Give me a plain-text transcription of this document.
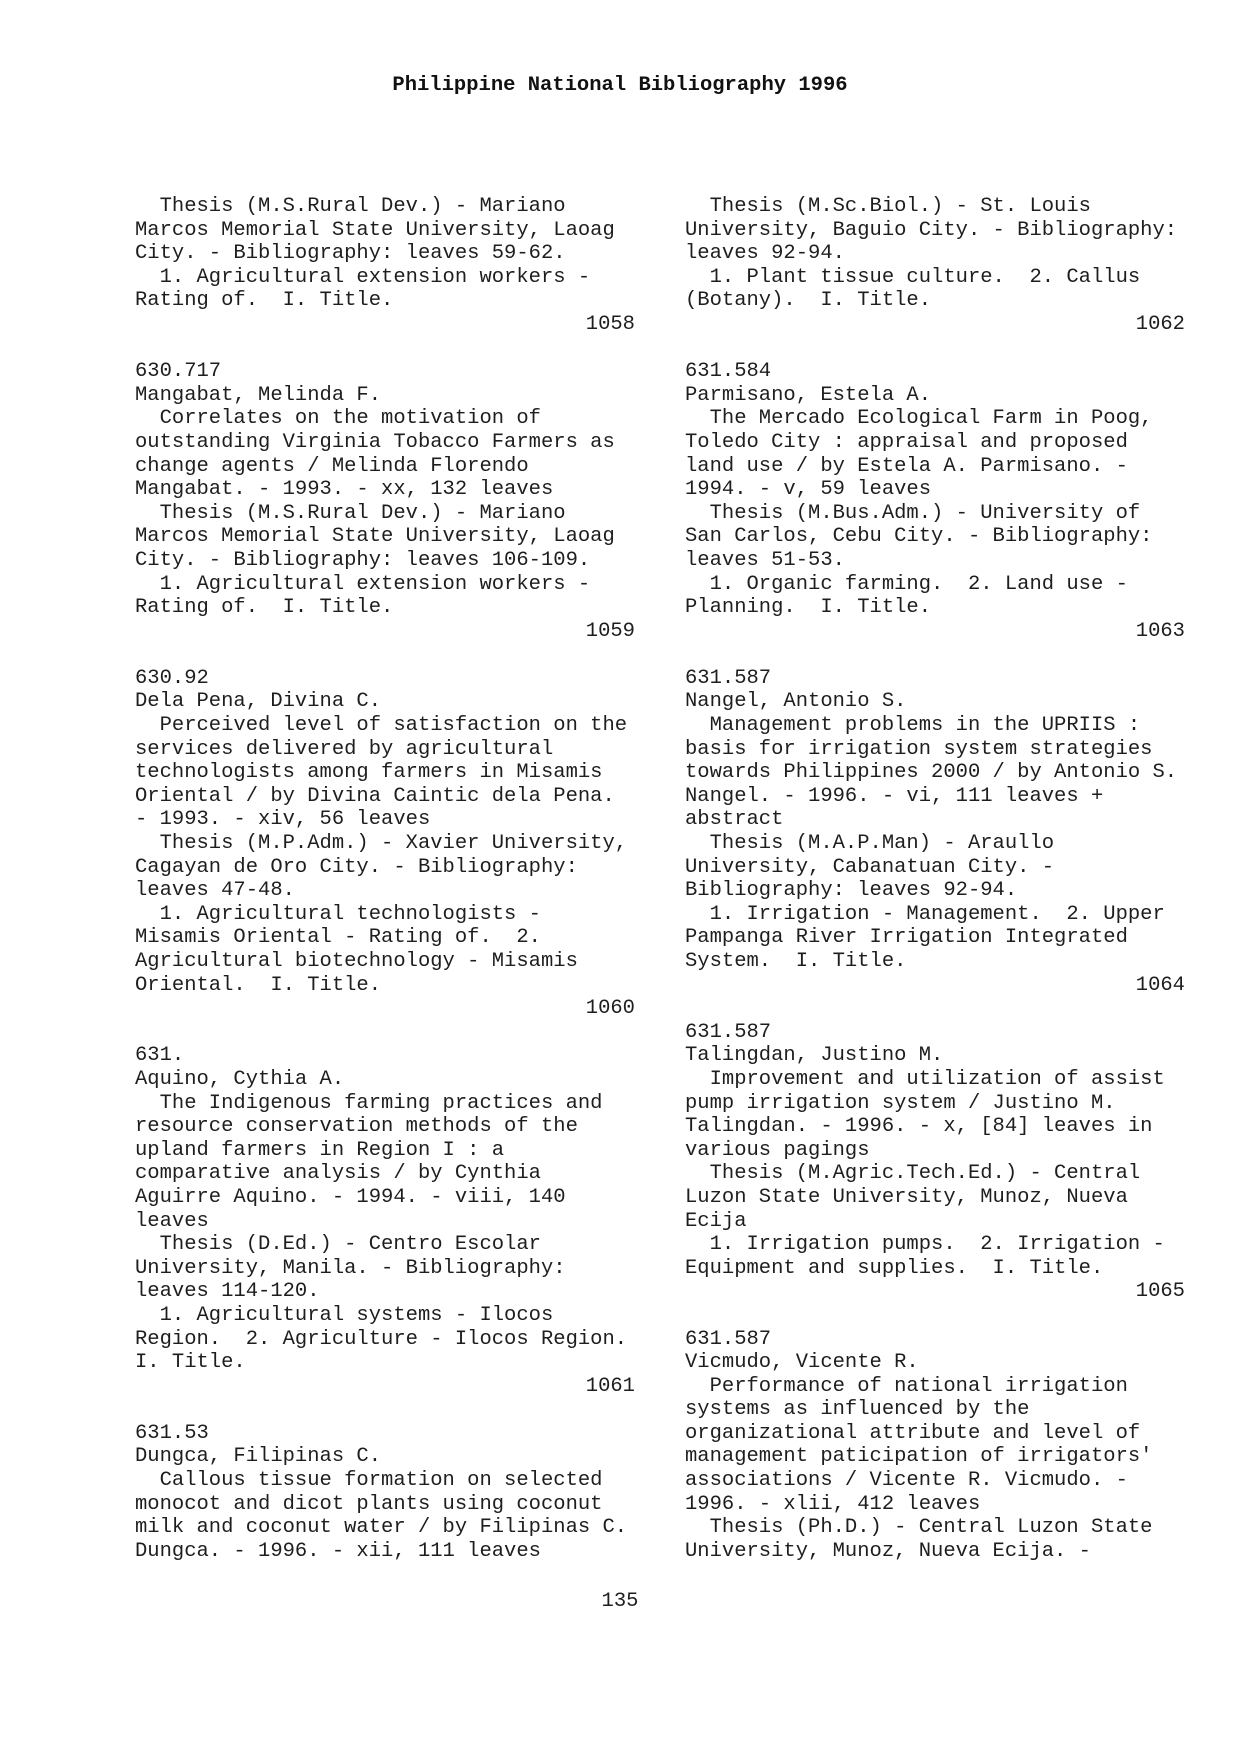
Philippine National Bibliography 1996
Thesis (M.S.Rural Dev.) - Mariano
Marcos Memorial State University, Laoag
City. - Bibliography: leaves 59-62.
1. Agricultural extension workers -
Rating of.  I. Title.
1058
630.717
Mangabat, Melinda F.
Correlates on the motivation of
outstanding Virginia Tobacco Farmers as
change agents / Melinda Florendo
Mangabat. - 1993. - xx, 132 leaves
Thesis (M.S.Rural Dev.) - Mariano
Marcos Memorial State University, Laoag
City. - Bibliography: leaves 106-109.
1. Agricultural extension workers -
Rating of.  I. Title.
1059
630.92
Dela Pena, Divina C.
Perceived level of satisfaction on the
services delivered by agricultural
technologists among farmers in Misamis
Oriental / by Divina Caintic dela Pena.
- 1993. - xiv, 56 leaves
Thesis (M.P.Adm.) - Xavier University,
Cagayan de Oro City. - Bibliography:
leaves 47-48.
1. Agricultural technologists -
Misamis Oriental - Rating of.  2.
Agricultural biotechnology - Misamis
Oriental.  I. Title.
1060
631.
Aquino, Cythia A.
The Indigenous farming practices and
resource conservation methods of the
upland farmers in Region I : a
comparative analysis / by Cynthia
Aguirre Aquino. - 1994. - viii, 140
leaves
Thesis (D.Ed.) - Centro Escolar
University, Manila. - Bibliography:
leaves 114-120.
1. Agricultural systems - Ilocos
Region.  2. Agriculture - Ilocos Region.
I. Title.
1061
631.53
Dungca, Filipinas C.
Callous tissue formation on selected
monocot and dicot plants using coconut
milk and coconut water / by Filipinas C.
Dungca. - 1996. - xii, 111 leaves
Thesis (M.Sc.Biol.) - St. Louis
University, Baguio City. - Bibliography:
leaves 92-94.
1. Plant tissue culture.  2. Callus
(Botany).  I. Title.
1062
631.584
Parmisano, Estela A.
The Mercado Ecological Farm in Poog,
Toledo City : appraisal and proposed
land use / by Estela A. Parmisano. -
1994. - v, 59 leaves
Thesis (M.Bus.Adm.) - University of
San Carlos, Cebu City. - Bibliography:
leaves 51-53.
1. Organic farming.  2. Land use -
Planning.  I. Title.
1063
631.587
Nangel, Antonio S.
Management problems in the UPRIIS :
basis for irrigation system strategies
towards Philippines 2000 / by Antonio S.
Nangel. - 1996. - vi, 111 leaves +
abstract
Thesis (M.A.P.Man) - Araullo
University, Cabanatuan City. -
Bibliography: leaves 92-94.
1. Irrigation - Management.  2. Upper
Pampanga River Irrigation Integrated
System.  I. Title.
1064
631.587
Talingdan, Justino M.
Improvement and utilization of assist
pump irrigation system / Justino M.
Talingdan. - 1996. - x, [84] leaves in
various pagings
Thesis (M.Agric.Tech.Ed.) - Central
Luzon State University, Munoz, Nueva
Ecija
1. Irrigation pumps.  2. Irrigation -
Equipment and supplies.  I. Title.
1065
631.587
Vicmudo, Vicente R.
Performance of national irrigation
systems as influenced by the
organizational attribute and level of
management paticipation of irrigators'
associations / Vicente R. Vicmudo. -
1996. - xlii, 412 leaves
Thesis (Ph.D.) - Central Luzon State
University, Munoz, Nueva Ecija. -
135
